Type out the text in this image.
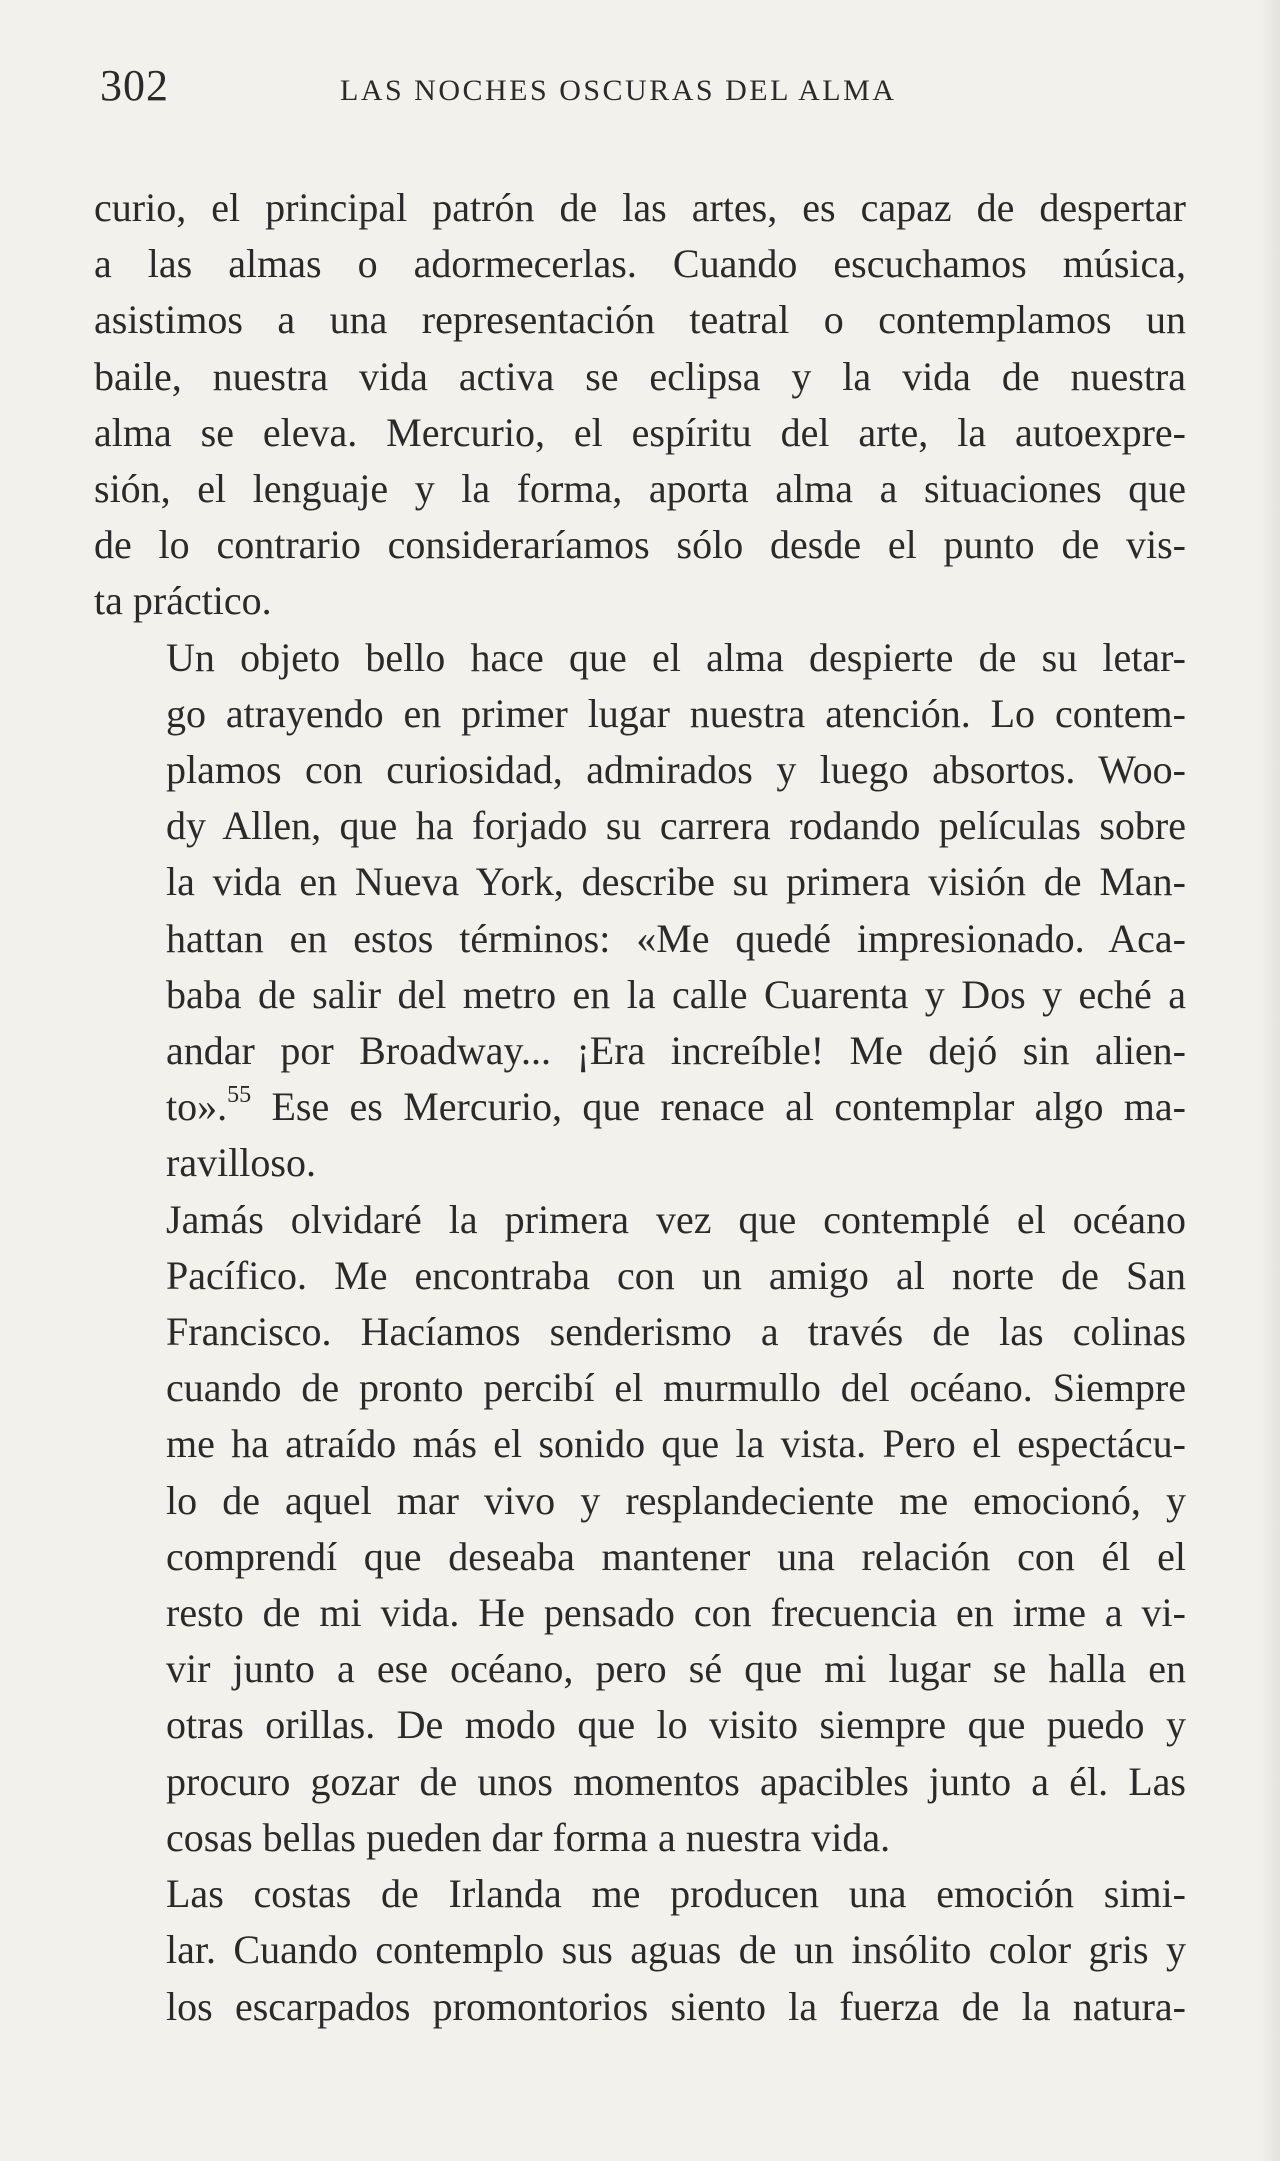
302	LAS NOCHES OSCURAS DEL ALMA

curio, el principal patrón de las artes, es capaz de despertar
a las almas o adormecerlas. Cuando escuchamos música,
asistimos a una representación teatral o contemplamos un
baile, nuestra vida activa se eclipsa y la vida de nuestra
alma se eleva. Mercurio, el espíritu del arte, la autoexpre-
sión, el lenguaje y la forma, aporta alma a situaciones que
de lo contrario consideraríamos sólo desde el punto de vis-
ta práctico.

Un objeto bello hace que el alma despierte de su letar-
go atrayendo en primer lugar nuestra atención. Lo contem-
plamos con curiosidad, admirados y luego absortos. Woo-
dy Allen, que ha forjado su carrera rodando películas sobre
la vida en Nueva York, describe su primera visión de Man-
hattan en estos términos: «Me quedé impresionado. Aca-
baba de salir del metro en la calle Cuarenta y Dos y eché a
andar por Broadway... ¡Era increíble! Me dejó sin alien-
to».$^{55}$ Ese es Mercurio, que renace al contemplar algo ma-
ravilloso.

Jamás olvidaré la primera vez que contemplé el océano
Pacífico. Me encontraba con un amigo al norte de San
Francisco. Hacíamos senderismo a través de las colinas
cuando de pronto percibí el murmullo del océano. Siempre
me ha atraído más el sonido que la vista. Pero el espectácu-
lo de aquel mar vivo y resplandeciente me emocionó, y
comprendí que deseaba mantener una relación con él el
resto de mi vida. He pensado con frecuencia en irme a vi-
vir junto a ese océano, pero sé que mi lugar se halla en
otras orillas. De modo que lo visito siempre que puedo y
procuro gozar de unos momentos apacibles junto a él. Las
cosas bellas pueden dar forma a nuestra vida.

Las costas de Irlanda me producen una emoción simi-
lar. Cuando contemplo sus aguas de un insólito color gris y
los escarpados promontorios siento la fuerza de la natura-
